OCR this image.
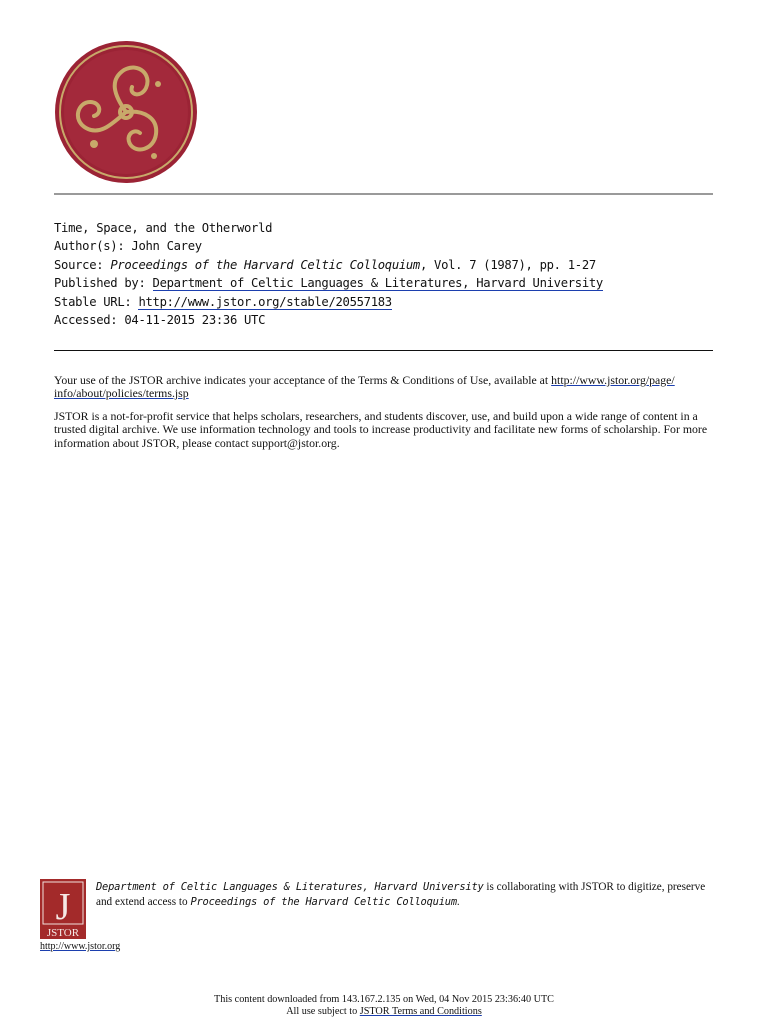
Time, Space, and the Otherworld
Author(s): John Carey
Source: Proceedings of the Harvard Celtic Colloquium, Vol. 7 (1987), pp. 1-27
Published by: Department of Celtic Languages & Literatures, Harvard University
Stable URL: http://www.jstor.org/stable/20557183
Accessed: 04-11-2015 23:36 UTC

Your use of the JSTOR archive indicates your acceptance of the Terms & Conditions of Use, available at http://www.jstor.org/page/ info/about/policies/terms.jsp

JSTOR is a not-for-profit service that helps scholars, researchers, and students discover, use, and build upon a wide range of content in a trusted digital archive. We use information technology and tools to increase productivity and facilitate new forms of scholarship. For more information about JSTOR, please contact support@jstor.org.

J
JSTOR
http://www.jstor.org
Department of Celtic Languages & Literatures, Harvard University is collaborating with JSTOR to digitize, preserve and extend access to Proceedings of the Harvard Celtic Colloquium.
This content downloaded from 143.167.2.135 on Wed, 04 Nov 2015 23:36:40 UTC
All use subject to JSTOR Terms and Conditions
